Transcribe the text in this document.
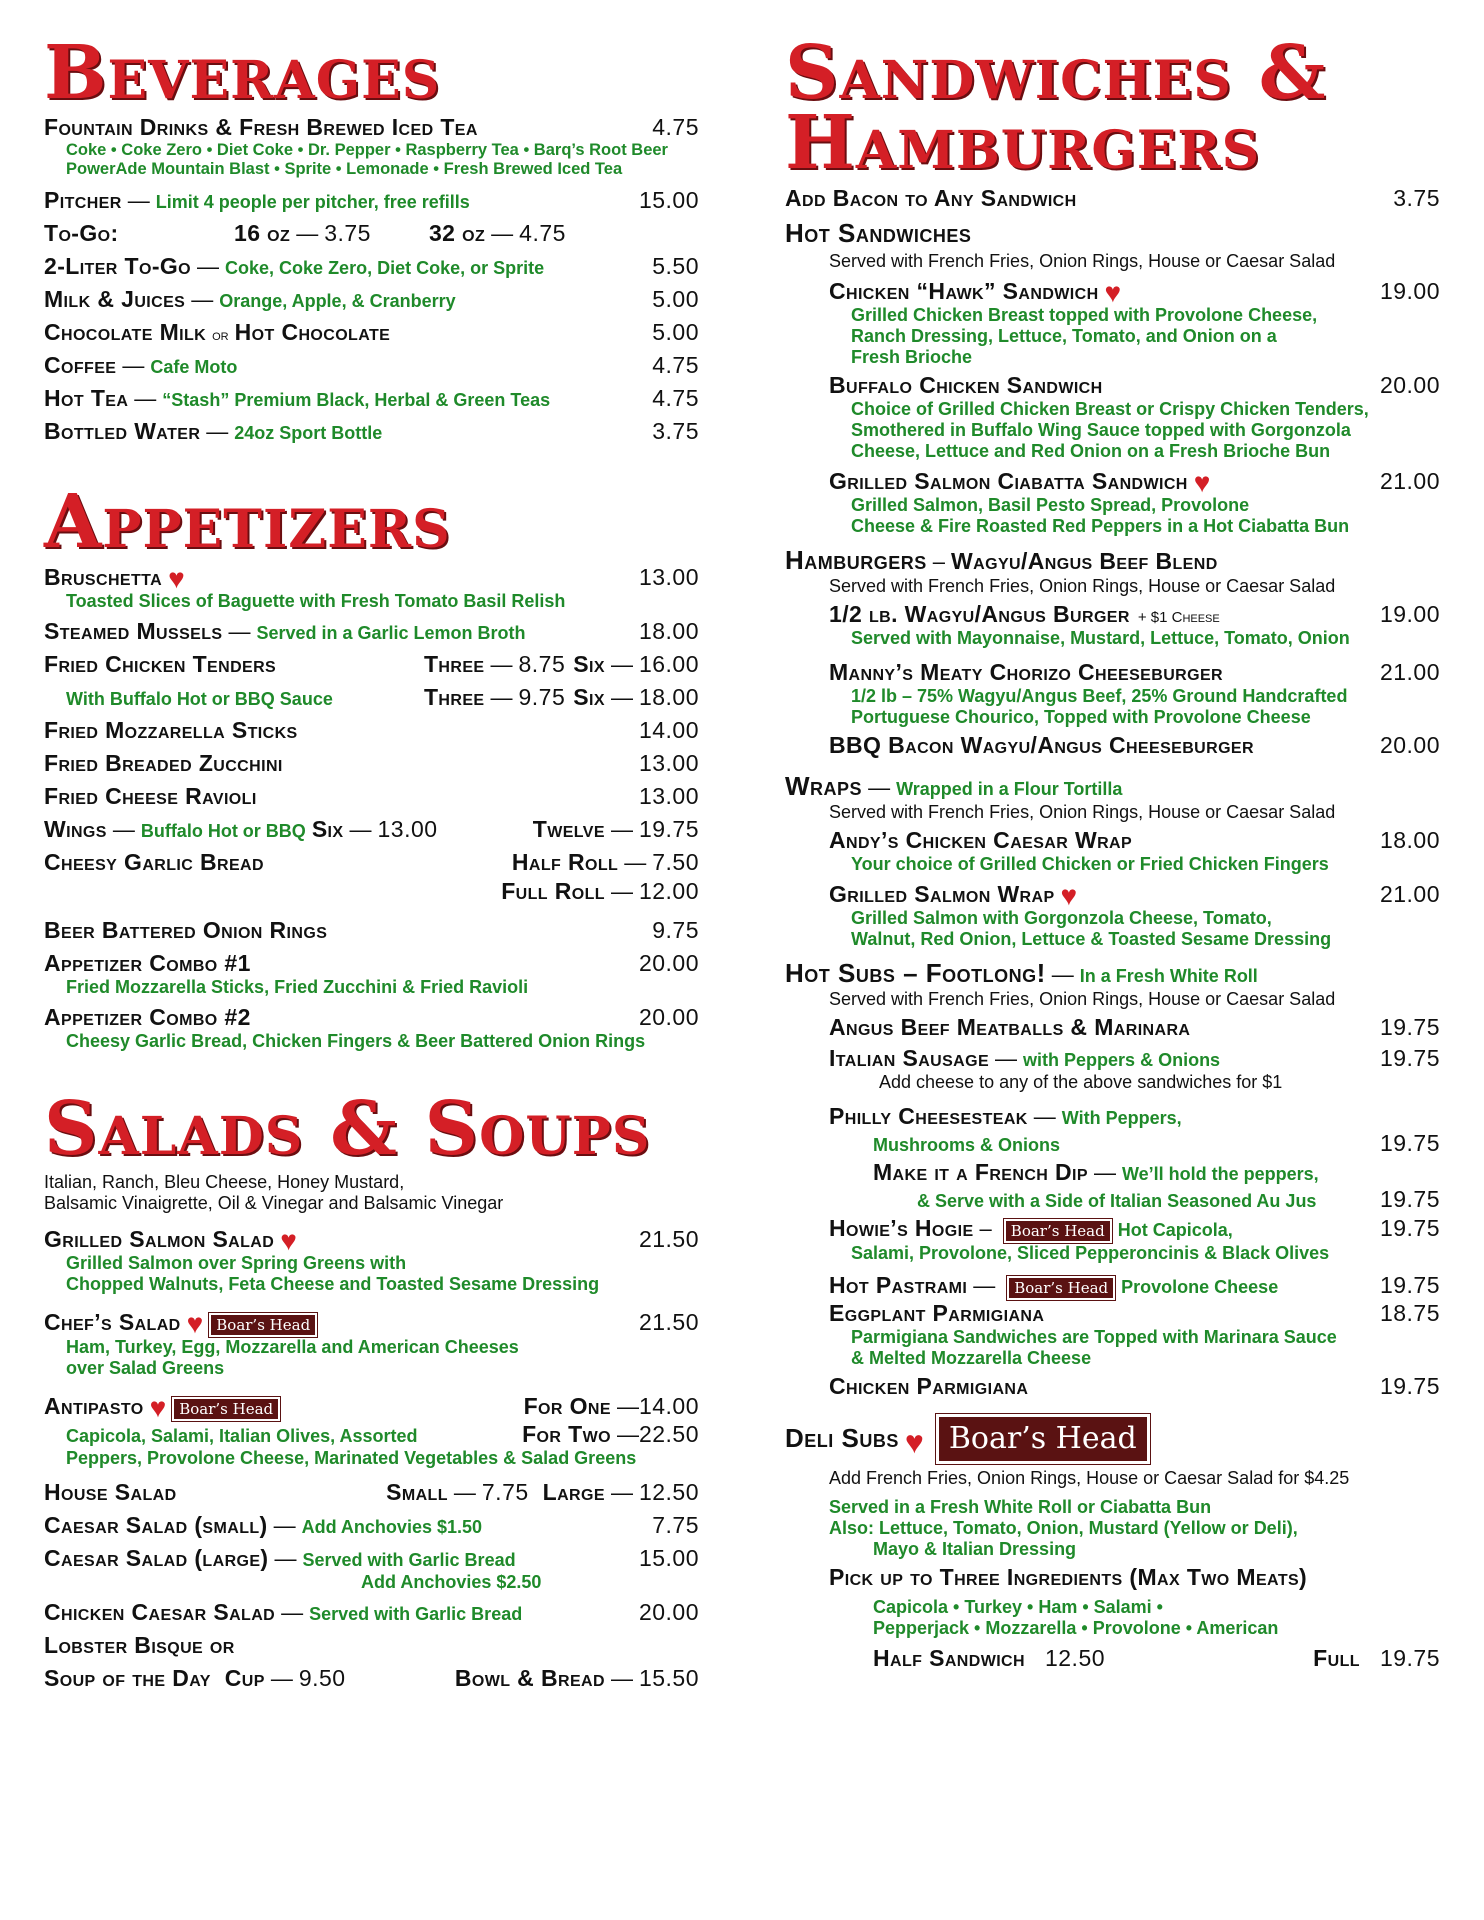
Beverages
Fountain Drinks & Fresh Brewed Iced Tea	4.75
Coke • Coke Zero • Diet Coke • Dr. Pepper • Raspberry Tea • Barq’s Root Beer
PowerAde Mountain Blast • Sprite • Lemonade • Fresh Brewed Iced Tea
Pitcher — Limit 4 people per pitcher, free refills	15.00
To-Go:	16 oz — 3.75	32 oz — 4.75
2-Liter To-Go — Coke, Coke Zero, Diet Coke, or Sprite	5.50
Milk & Juices — Orange, Apple, & Cranberry	5.00
Chocolate Milk or Hot Chocolate	5.00
Coffee — Cafe Moto	4.75
Hot Tea — “Stash” Premium Black, Herbal & Green Teas	4.75
Bottled Water — 24oz Sport Bottle	3.75
Appetizers
Bruschetta ♥	13.00
Toasted Slices of Baguette with Fresh Tomato Basil Relish
Steamed Mussels — Served in a Garlic Lemon Broth	18.00
Fried Chicken Tenders	Three — 8.75 Six — 16.00
With Buffalo Hot or BBQ Sauce	Three — 9.75 Six — 18.00
Fried Mozzarella Sticks	14.00
Fried Breaded Zucchini	13.00
Fried Cheese Ravioli	13.00
Wings — Buffalo Hot or BBQ Six — 13.00	Twelve — 19.75
Cheesy Garlic Bread	Half Roll — 7.50
Full Roll — 12.00
Beer Battered Onion Rings	9.75
Appetizer Combo #1	20.00
Fried Mozzarella Sticks, Fried Zucchini & Fried Ravioli
Appetizer Combo #2	20.00
Cheesy Garlic Bread, Chicken Fingers & Beer Battered Onion Rings
Salads & Soups
Italian, Ranch, Bleu Cheese, Honey Mustard,
Balsamic Vinaigrette, Oil & Vinegar and Balsamic Vinegar
Grilled Salmon Salad ♥	21.50
Grilled Salmon over Spring Greens with
Chopped Walnuts, Feta Cheese and Toasted Sesame Dressing
Chef’s Salad ♥ Boar’s Head	21.50
Ham, Turkey, Egg, Mozzarella and American Cheeses
over Salad Greens
Antipasto ♥ Boar’s Head	For One — 14.00
Capicola, Salami, Italian Olives, Assorted	For Two — 22.50
Peppers, Provolone Cheese, Marinated Vegetables & Salad Greens
House Salad	Small — 7.75 Large — 12.50
Caesar Salad (small) — Add Anchovies $1.50	7.75
Caesar Salad (large) — Served with Garlic Bread	15.00
Add Anchovies $2.50
Chicken Caesar Salad — Served with Garlic Bread	20.00
Lobster Bisque or
Soup of the Day Cup — 9.50	Bowl & Bread — 15.50
Sandwiches &
Hamburgers
Add Bacon to Any Sandwich	3.75
Hot Sandwiches
Served with French Fries, Onion Rings, House or Caesar Salad
Chicken “Hawk” Sandwich ♥	19.00
Grilled Chicken Breast topped with Provolone Cheese,
Ranch Dressing, Lettuce, Tomato, and Onion on a
Fresh Brioche
Buffalo Chicken Sandwich	20.00
Choice of Grilled Chicken Breast or Crispy Chicken Tenders,
Smothered in Buffalo Wing Sauce topped with Gorgonzola
Cheese, Lettuce and Red Onion on a Fresh Brioche Bun
Grilled Salmon Ciabatta Sandwich ♥	21.00
Grilled Salmon, Basil Pesto Spread, Provolone
Cheese & Fire Roasted Red Peppers in a Hot Ciabatta Bun
Hamburgers – Wagyu/Angus Beef Blend
Served with French Fries, Onion Rings, House or Caesar Salad
1/2 lb. Wagyu/Angus Burger + $1 Cheese	19.00
Served with Mayonnaise, Mustard, Lettuce, Tomato, Onion
Manny’s Meaty Chorizo Cheeseburger	21.00
1/2 lb – 75% Wagyu/Angus Beef, 25% Ground Handcrafted
Portuguese Chourico, Topped with Provolone Cheese
BBQ Bacon Wagyu/Angus Cheeseburger	20.00
Wraps — Wrapped in a Flour Tortilla
Served with French Fries, Onion Rings, House or Caesar Salad
Andy’s Chicken Caesar Wrap	18.00
Your choice of Grilled Chicken or Fried Chicken Fingers
Grilled Salmon Wrap ♥	21.00
Grilled Salmon with Gorgonzola Cheese, Tomato,
Walnut, Red Onion, Lettuce & Toasted Sesame Dressing
Hot Subs – Footlong! — In a Fresh White Roll
Served with French Fries, Onion Rings, House or Caesar Salad
Angus Beef Meatballs & Marinara	19.75
Italian Sausage — with Peppers & Onions	19.75
Add cheese to any of the above sandwiches for $1
Philly Cheesesteak — With Peppers,
Mushrooms & Onions	19.75
Make it a French Dip — We’ll hold the peppers,
& Serve with a Side of Italian Seasoned Au Jus	19.75
Howie’s Hogie –	Boar’s Head Hot Capicola,	19.75
Salami, Provolone, Sliced Pepperoncinis & Black Olives
Hot Pastrami —	Boar’s Head Provolone Cheese	19.75
Eggplant Parmigiana	18.75
Parmigiana Sandwiches are Topped with Marinara Sauce
& Melted Mozzarella Cheese
Chicken Parmigiana	19.75
Deli Subs ♥ Boar’s Head
Add French Fries, Onion Rings, House or Caesar Salad for $4.25
Served in a Fresh White Roll or Ciabatta Bun
Also: Lettuce, Tomato, Onion, Mustard (Yellow or Deli),
Mayo & Italian Dressing
Pick up to Three Ingredients (Max Two Meats)
Capicola • Turkey • Ham • Salami •
Pepperjack • Mozzarella • Provolone • American
Half Sandwich 12.50	Full 19.75
